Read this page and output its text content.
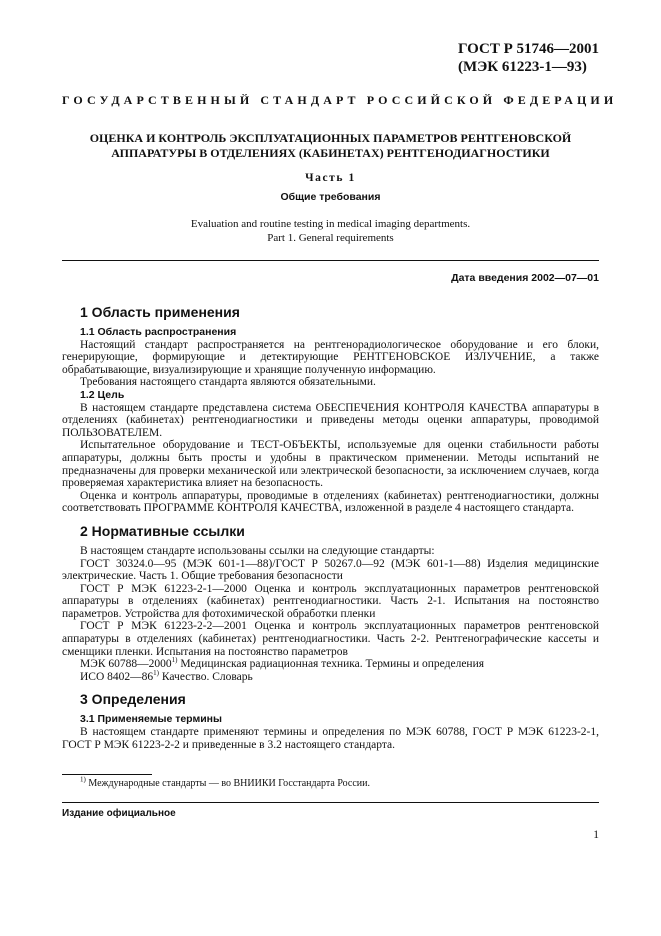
ГОСТ Р 51746—2001
(МЭК 61223-1—93)
ГОСУДАРСТВЕННЫЙ СТАНДАРТ РОССИЙСКОЙ ФЕДЕРАЦИИ
ОЦЕНКА И КОНТРОЛЬ ЭКСПЛУАТАЦИОННЫХ ПАРАМЕТРОВ РЕНТГЕНОВСКОЙ
АППАРАТУРЫ В ОТДЕЛЕНИЯХ (КАБИНЕТАХ) РЕНТГЕНОДИАГНОСТИКИ
Часть 1
Общие требования
Evaluation and routine testing in medical imaging departments.
Part 1. General requirements
Дата введения 2002—07—01
1 Область применения
1.1 Область распространения

Настоящий стандарт распространяется на рентгенорадиологическое оборудование и его блоки, генерирующие, формирующие и детектирующие РЕНТГЕНОВСКОЕ ИЗЛУЧЕНИЕ, а также обрабатывающие, визуализирующие и хранящие полученную информацию.

Требования настоящего стандарта являются обязательными.

1.2 Цель

В настоящем стандарте представлена система ОБЕСПЕЧЕНИЯ КОНТРОЛЯ КАЧЕСТВА аппаратуры в отделениях (кабинетах) рентгенодиагностики и приведены методы оценки аппаратуры, проводимой ПОЛЬЗОВАТЕЛЕМ.

Испытательное оборудование и ТЕСТ-ОБЪЕКТЫ, используемые для оценки стабильности работы аппаратуры, должны быть просты и удобны в практическом применении. Методы испытаний не предназначены для проверки механической или электрической безопасности, за исключением случаев, когда проверяемая характеристика влияет на безопасность.

Оценка и контроль аппаратуры, проводимые в отделениях (кабинетах) рентгенодиагностики, должны соответствовать ПРОГРАММЕ КОНТРОЛЯ КАЧЕСТВА, изложенной в разделе 4 настоящего стандарта.

2 Нормативные ссылки

В настоящем стандарте использованы ссылки на следующие стандарты:

ГОСТ 30324.0—95 (МЭК 601-1—88)/ГОСТ Р 50267.0—92 (МЭК 601-1—88) Изделия медицинские электрические. Часть 1. Общие требования безопасности

ГОСТ Р МЭК 61223-2-1—2000 Оценка и контроль эксплуатационных параметров рентгеновской аппаратуры в отделениях (кабинетах) рентгенодиагностики. Часть 2-1. Испытания на постоянство параметров. Устройства для фотохимической обработки пленки

ГОСТ Р МЭК 61223-2-2—2001 Оценка и контроль эксплуатационных параметров рентгеновской аппаратуры в отделениях (кабинетах) рентгенодиагностики. Часть 2-2. Рентгенографические кассеты и сменщики пленки. Испытания на постоянство параметров

МЭК 60788—2000$^{1)}$ Медицинская радиационная техника. Термины и определения

ИСО 8402—86$^{1)}$ Качество. Словарь

3 Определения
3.1 Применяемые термины

В настоящем стандарте применяют термины и определения по МЭК 60788, ГОСТ Р МЭК 61223-2-1, ГОСТ Р МЭК 61223-2-2 и приведенные в 3.2 настоящего стандарта.

$^{1)}$ Международные стандарты — во ВНИИКИ Госстандарта России.
Издание официальное
1
